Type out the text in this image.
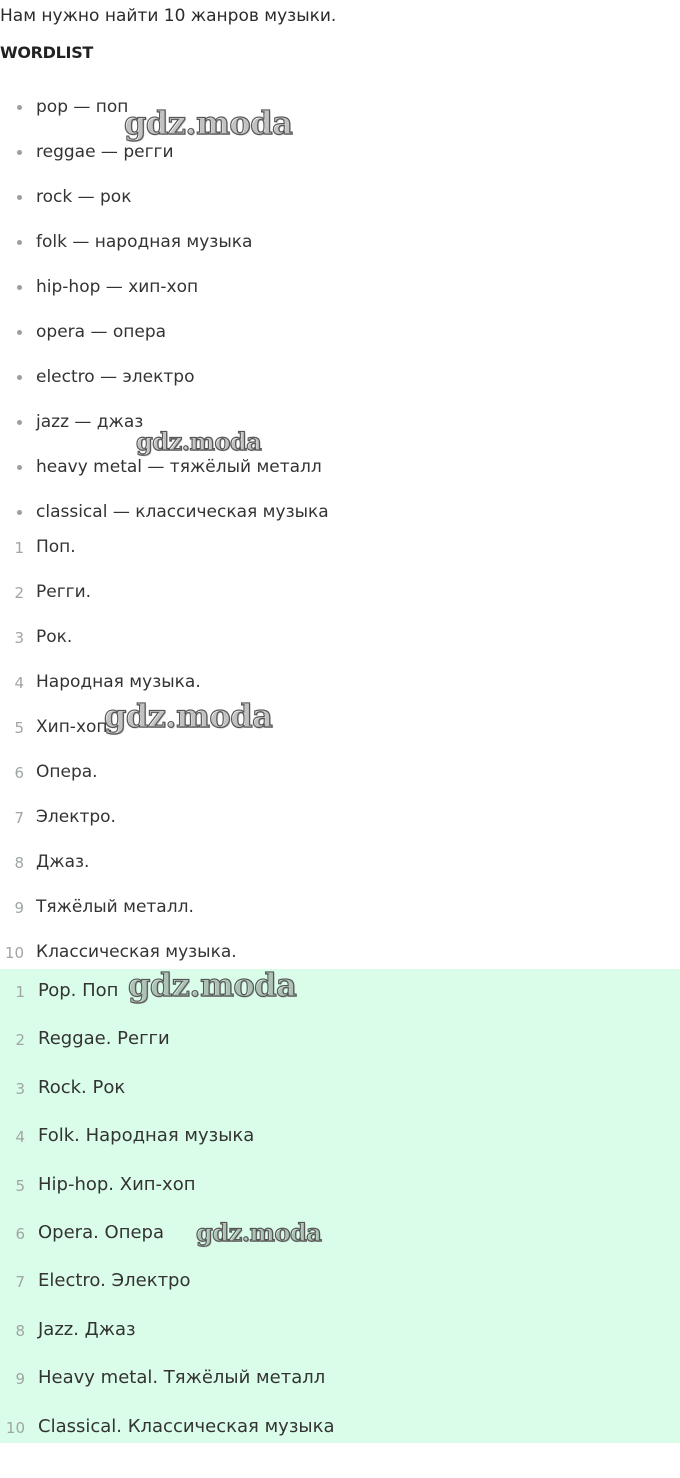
Нам нужно найти 10 жанров музыки.

WORDLIST
pop — поп
reggae — регги
rock — рок
folk — народная музыка
hip-hop — хип-хоп
opera — опера
electro — электро
jazz — джаз
heavy metal — тяжёлый металл
classical — классическая музыка
1 Поп.
2 Регги.
3 Рок.
4 Народная музыка.
5 Хип-хоп.
6 Опера.
7 Электро.
8 Джаз.
9 Тяжёлый металл.
10 Классическая музыка.
1 Pop. Поп
2 Reggae. Регги
3 Rock. Рок
4 Folk. Народная музыка
5 Hip-hop. Хип-хоп
6 Opera. Опера
7 Electro. Электро
8 Jazz. Джаз
9 Heavy metal. Тяжёлый металл
10 Classical. Классическая музыка
gdz.moda
gdz.moda
gdz.moda
